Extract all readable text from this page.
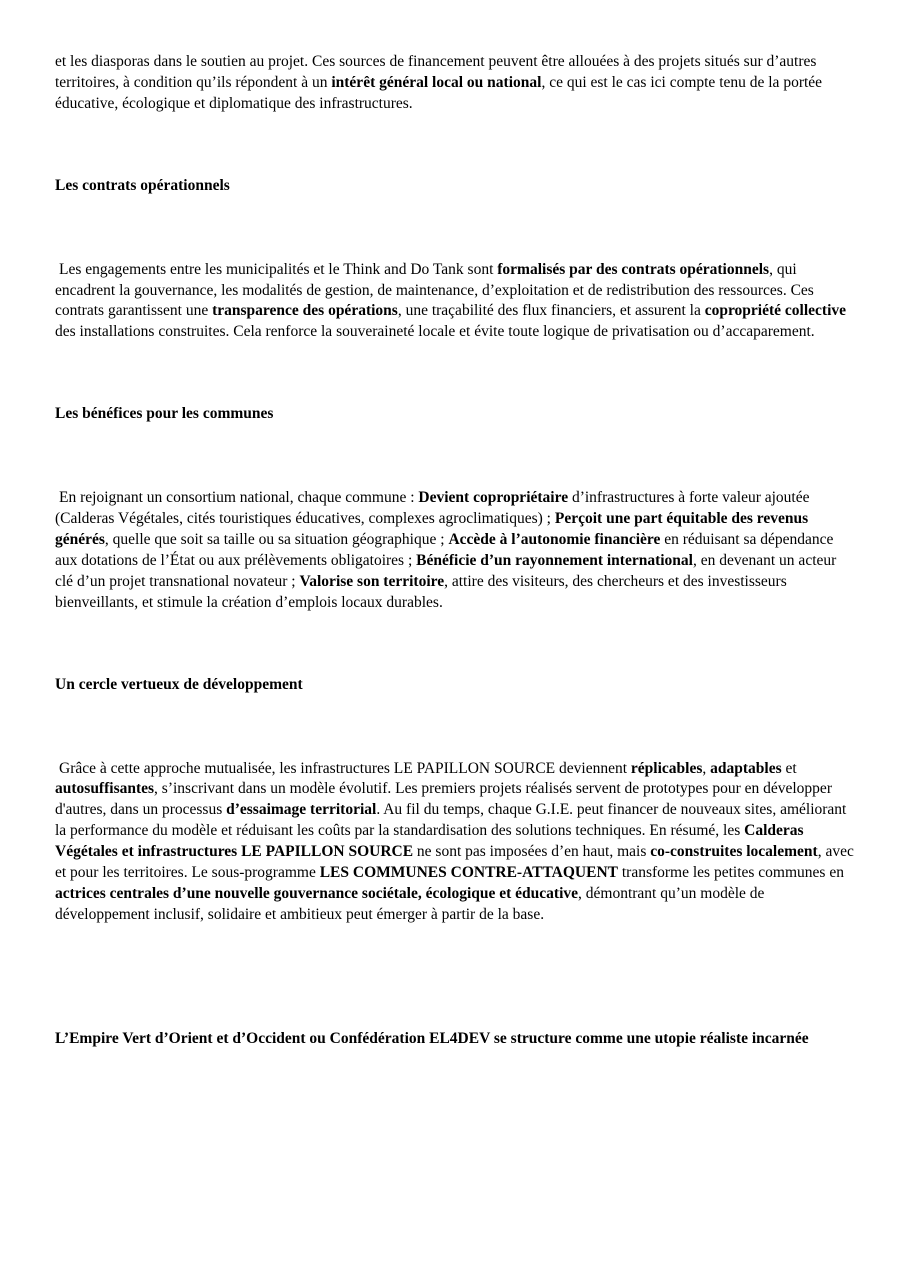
et les diasporas dans le soutien au projet. Ces sources de financement peuvent être allouées à des projets situés sur d’autres territoires, à condition qu’ils répondent à un intérêt général local ou national, ce qui est le cas ici compte tenu de la portée éducative, écologique et diplomatique des infrastructures.

Les contrats opérationnels

Les engagements entre les municipalités et le Think and Do Tank sont formalisés par des contrats opérationnels, qui encadrent la gouvernance, les modalités de gestion, de maintenance, d’exploitation et de redistribution des ressources. Ces contrats garantissent une transparence des opérations, une traçabilité des flux financiers, et assurent la copropriété collective des installations construites. Cela renforce la souveraineté locale et évite toute logique de privatisation ou d’accaparement.

Les bénéfices pour les communes

En rejoignant un consortium national, chaque commune : Devient copropriétaire d’infrastructures à forte valeur ajoutée (Calderas Végétales, cités touristiques éducatives, complexes agroclimatiques) ; Perçoit une part équitable des revenus générés, quelle que soit sa taille ou sa situation géographique ; Accède à l’autonomie financière en réduisant sa dépendance aux dotations de l’État ou aux prélèvements obligatoires ; Bénéficie d’un rayonnement international, en devenant un acteur clé d’un projet transnational novateur ; Valorise son territoire, attire des visiteurs, des chercheurs et des investisseurs bienveillants, et stimule la création d’emplois locaux durables.

Un cercle vertueux de développement

Grâce à cette approche mutualisée, les infrastructures LE PAPILLON SOURCE deviennent réplicables, adaptables et autosuffisantes, s’inscrivant dans un modèle évolutif. Les premiers projets réalisés servent de prototypes pour en développer d'autres, dans un processus d’essaimage territorial. Au fil du temps, chaque G.I.E. peut financer de nouveaux sites, améliorant la performance du modèle et réduisant les coûts par la standardisation des solutions techniques. En résumé, les Calderas Végétales et infrastructures LE PAPILLON SOURCE ne sont pas imposées d’en haut, mais co-construites localement, avec et pour les territoires. Le sous-programme LES COMMUNES CONTRE-ATTAQUENT transforme les petites communes en actrices centrales d’une nouvelle gouvernance sociétale, écologique et éducative, démontrant qu’un modèle de développement inclusif, solidaire et ambitieux peut émerger à partir de la base.

L’Empire Vert d’Orient et d’Occident ou Confédération EL4DEV se structure comme une utopie réaliste incarnée
